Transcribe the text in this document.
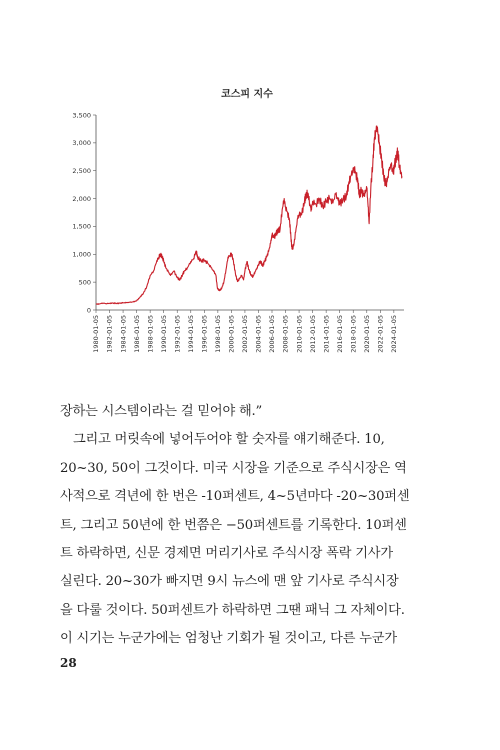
코스피 지수
0
500
1,000
1,500
2,000
2,500
3,000
3,500
1980-01-05 1982-01-05 1984-01-05 1986-01-05 1988-01-05 1990-01-05 1992-01-05 1994-01-05 1996-01-05 1998-01-05 2000-01-05 2002-01-05 2004-01-05 2006-01-05 2008-01-05 2010-01-05 2012-01-05 2014-01-05 2016-01-05 2018-01-05 2020-01-05 2022-01-05 2024-01-05

장하는 시스템이라는 걸 믿어야 해.”

그리고 머릿속에 넣어두어야 할 숫자를 얘기해준다. 10,

20~30, 50이 그것이다. 미국 시장을 기준으로 주식시장은 역

사적으로 격년에 한 번은 -10퍼센트, 4~5년마다 -20~30퍼센

트, 그리고 50년에 한 번쯤은 −50퍼센트를 기록한다. 10퍼센

트 하락하면, 신문 경제면 머리기사로 주식시장 폭락 기사가

실린다. 20~30가 빠지면 9시 뉴스에 맨 앞 기사로 주식시장

을 다룰 것이다. 50퍼센트가 하락하면 그땐 패닉 그 자체이다.

이 시기는 누군가에는 엄청난 기회가 될 것이고, 다른 누군가

28
